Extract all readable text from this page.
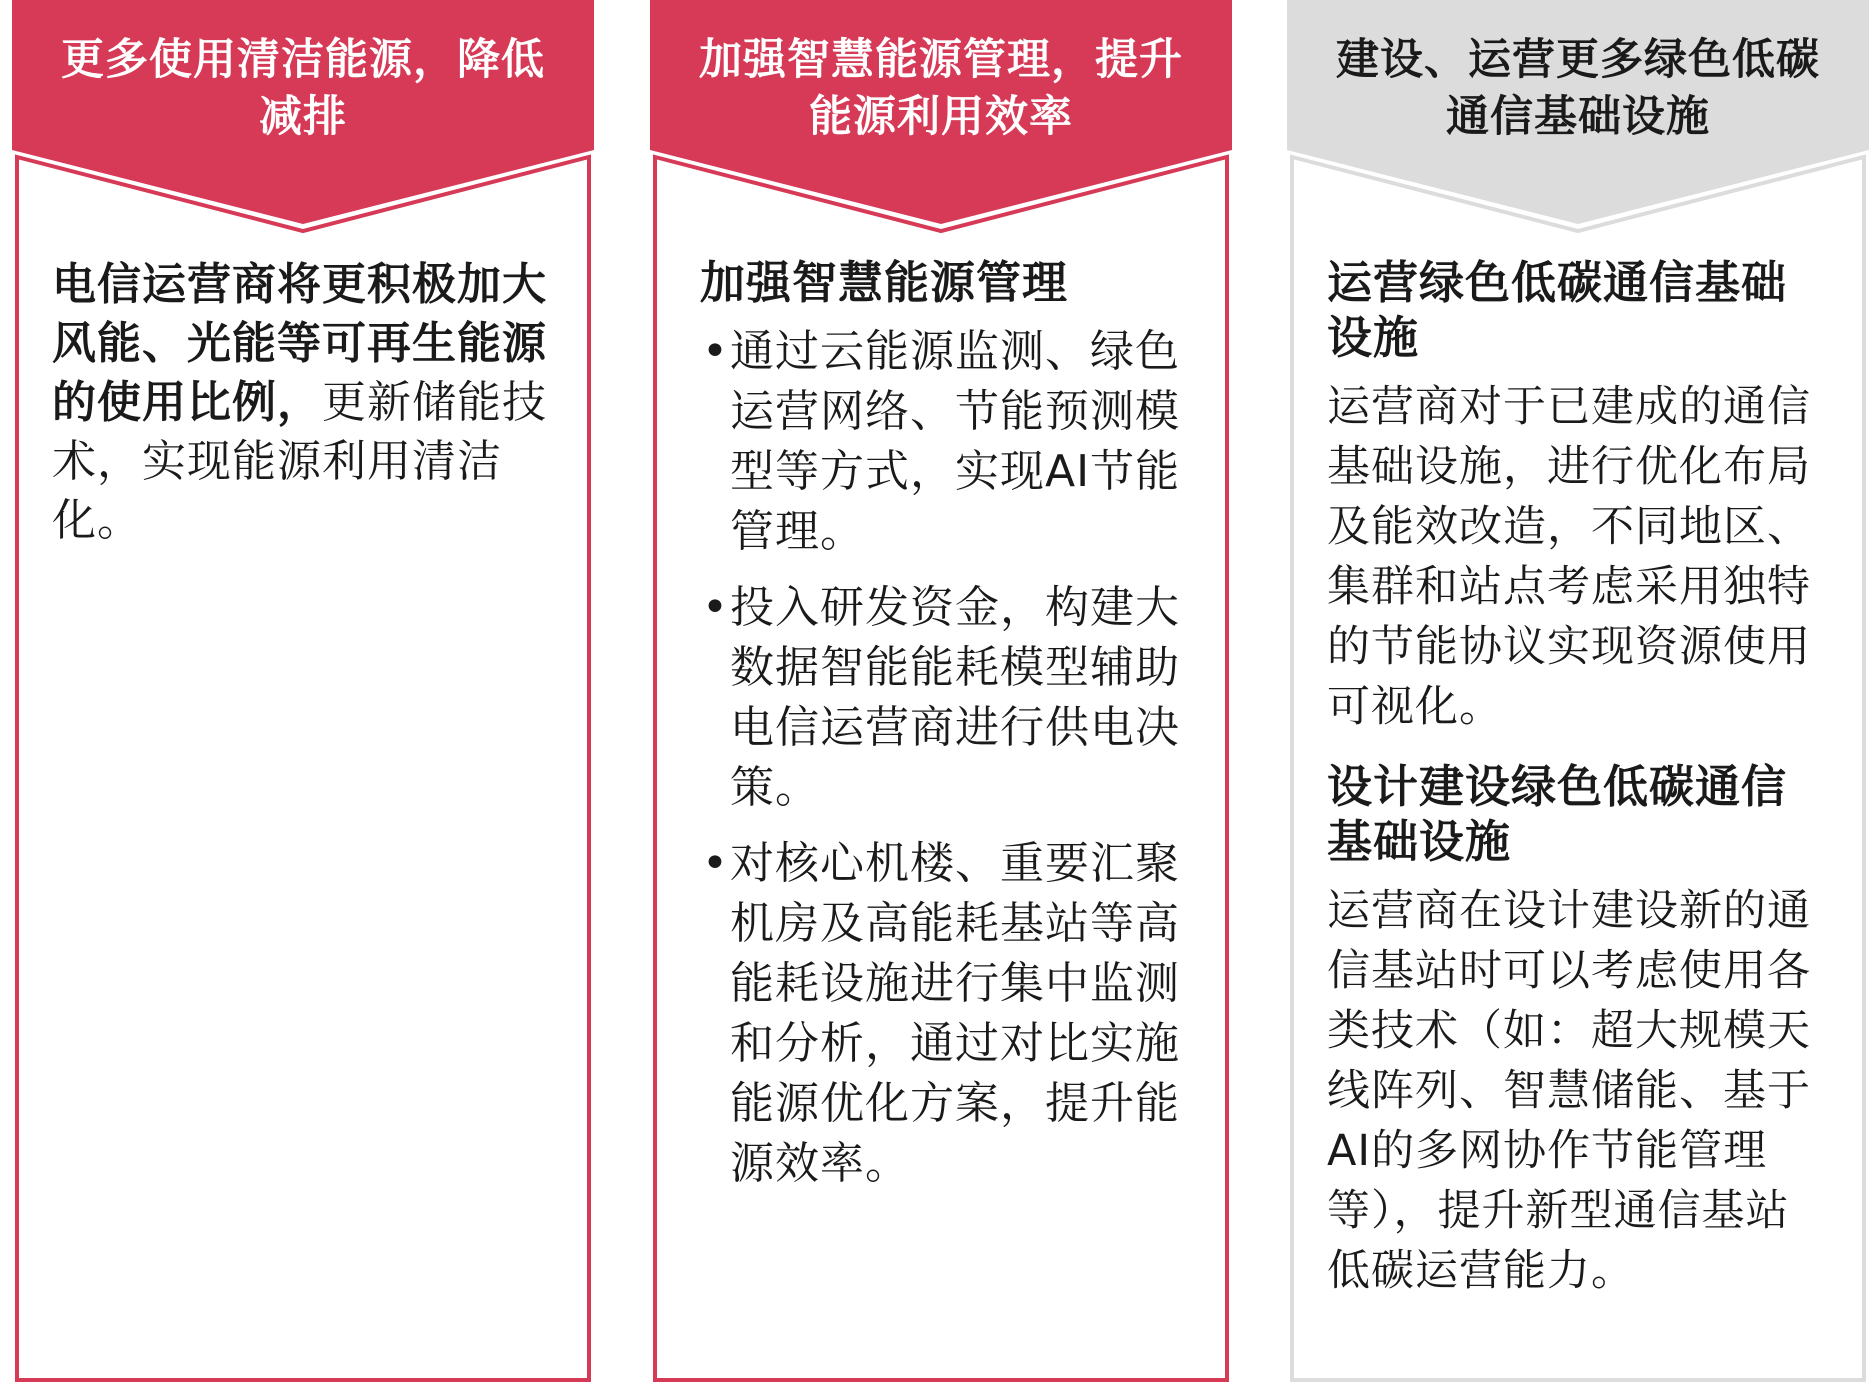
更多使用清洁能源，降低
减排
电信运营商将更积极加大风能、光能等可再生能源的使用比例，更新储能技术，实现能源利用清洁化。
加强智慧能源管理，提升
能源利用效率
加强智慧能源管理
• 通过云能源监测、绿色运营网络、节能预测模型等方式，实现AI节能管理。
• 投入研发资金，构建大数据智能能耗模型辅助电信运营商进行供电决策。
• 对核心机楼、重要汇聚机房及高能耗基站等高能耗设施进行集中监测和分析，通过对比实施能源优化方案，提升能源效率。
建设、运营更多绿色低碳
通信基础设施
运营绿色低碳通信基础设施
运营商对于已建成的通信基础设施，进行优化布局及能效改造，不同地区、集群和站点考虑采用独特的节能协议实现资源使用可视化。
设计建设绿色低碳通信基础设施
运营商在设计建设新的通信基站时可以考虑使用各类技术（如：超大规模天线阵列、智慧储能、基于AI的多网协作节能管理等），提升新型通信基站低碳运营能力。
